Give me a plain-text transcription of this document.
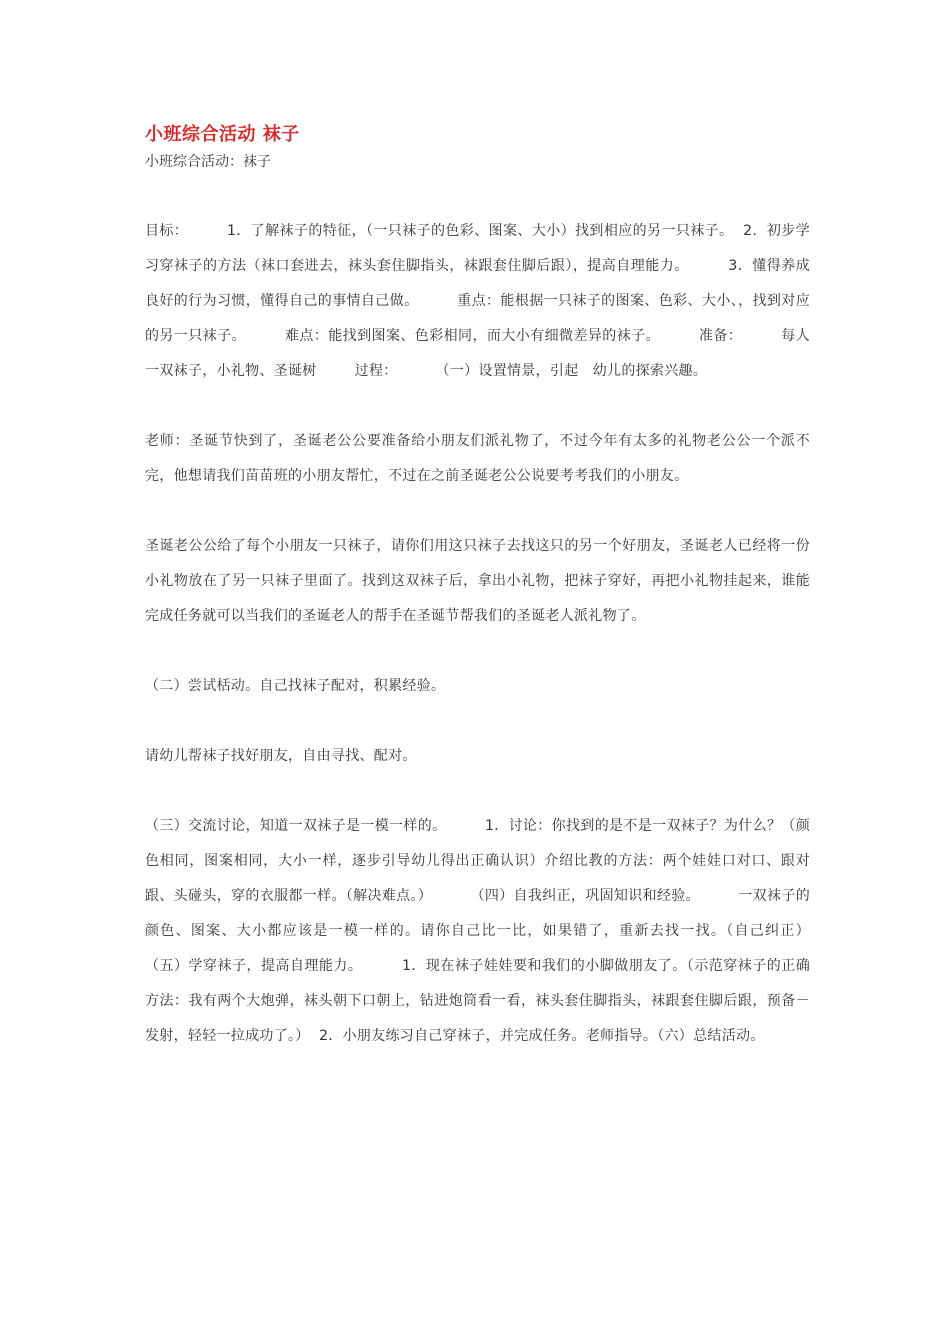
小班综合活动 袜子
小班综合活动：袜子

目标：        1．了解袜子的特征，（一只袜子的色彩、图案、大小）找到相应的另一只袜子。  2．初步学习穿袜子的方法（袜口套进去，袜头套住脚指头，袜跟套住脚后跟），提高自理能力。        3．懂得养成良好的行为习惯，懂得自己的事情自己做。        重点：能根据一只袜子的图案、色彩、大小、，找到对应的另一只袜子。        难点：能找到图案、色彩相同，而大小有细微差异的袜子。        准备：        每人一双袜子，小礼物、圣诞树        过程：        （一）设置情景，引起   幼儿的探索兴趣。

老师：圣诞节快到了，圣诞老公公要准备给小朋友们派礼物了，不过今年有太多的礼物老公公一个派不完，他想请我们苗苗班的小朋友帮忙，不过在之前圣诞老公公说要考考我们的小朋友。

圣诞老公公给了每个小朋友一只袜子，请你们用这只袜子去找这只的另一个好朋友，圣诞老人已经将一份小礼物放在了另一只袜子里面了。找到这双袜子后，拿出小礼物，把袜子穿好，再把小礼物挂起来，谁能完成任务就可以当我们的圣诞老人的帮手在圣诞节帮我们的圣诞老人派礼物了。

（二）尝试栝动。自己找袜子配对，积累经验。

请幼儿帮袜子找好朋友，自由寻找、配对。

（三）交流讨论，知道一双袜子是一模一样的。        1．讨论：你找到的是不是一双袜子？为什么？（颜色相同，图案相同，大小一样，逐步引导幼儿得出正确认识）介绍比教的方法：两个娃娃口对口、跟对跟、头碰头，穿的衣服都一样。（解决难点。）        （四）自我纠正，巩固知识和经验。        一双袜子的颜色、图案、大小都应该是一模一样的。请你自己比一比，如果错了，重新去找一找。（自己纠正）        （五）学穿袜子，提高自理能力。        1．现在袜子娃娃要和我们的小脚做朋友了。（示范穿袜子的正确方法：我有两个大炮弹，袜头朝下口朝上，钻进炮筒看一看，袜头套住脚指头，袜跟套住脚后跟，预备－发射，轻轻一拉成功了。）  2．小朋友练习自己穿袜子，并完成任务。老师指导。（六）总结活动。
